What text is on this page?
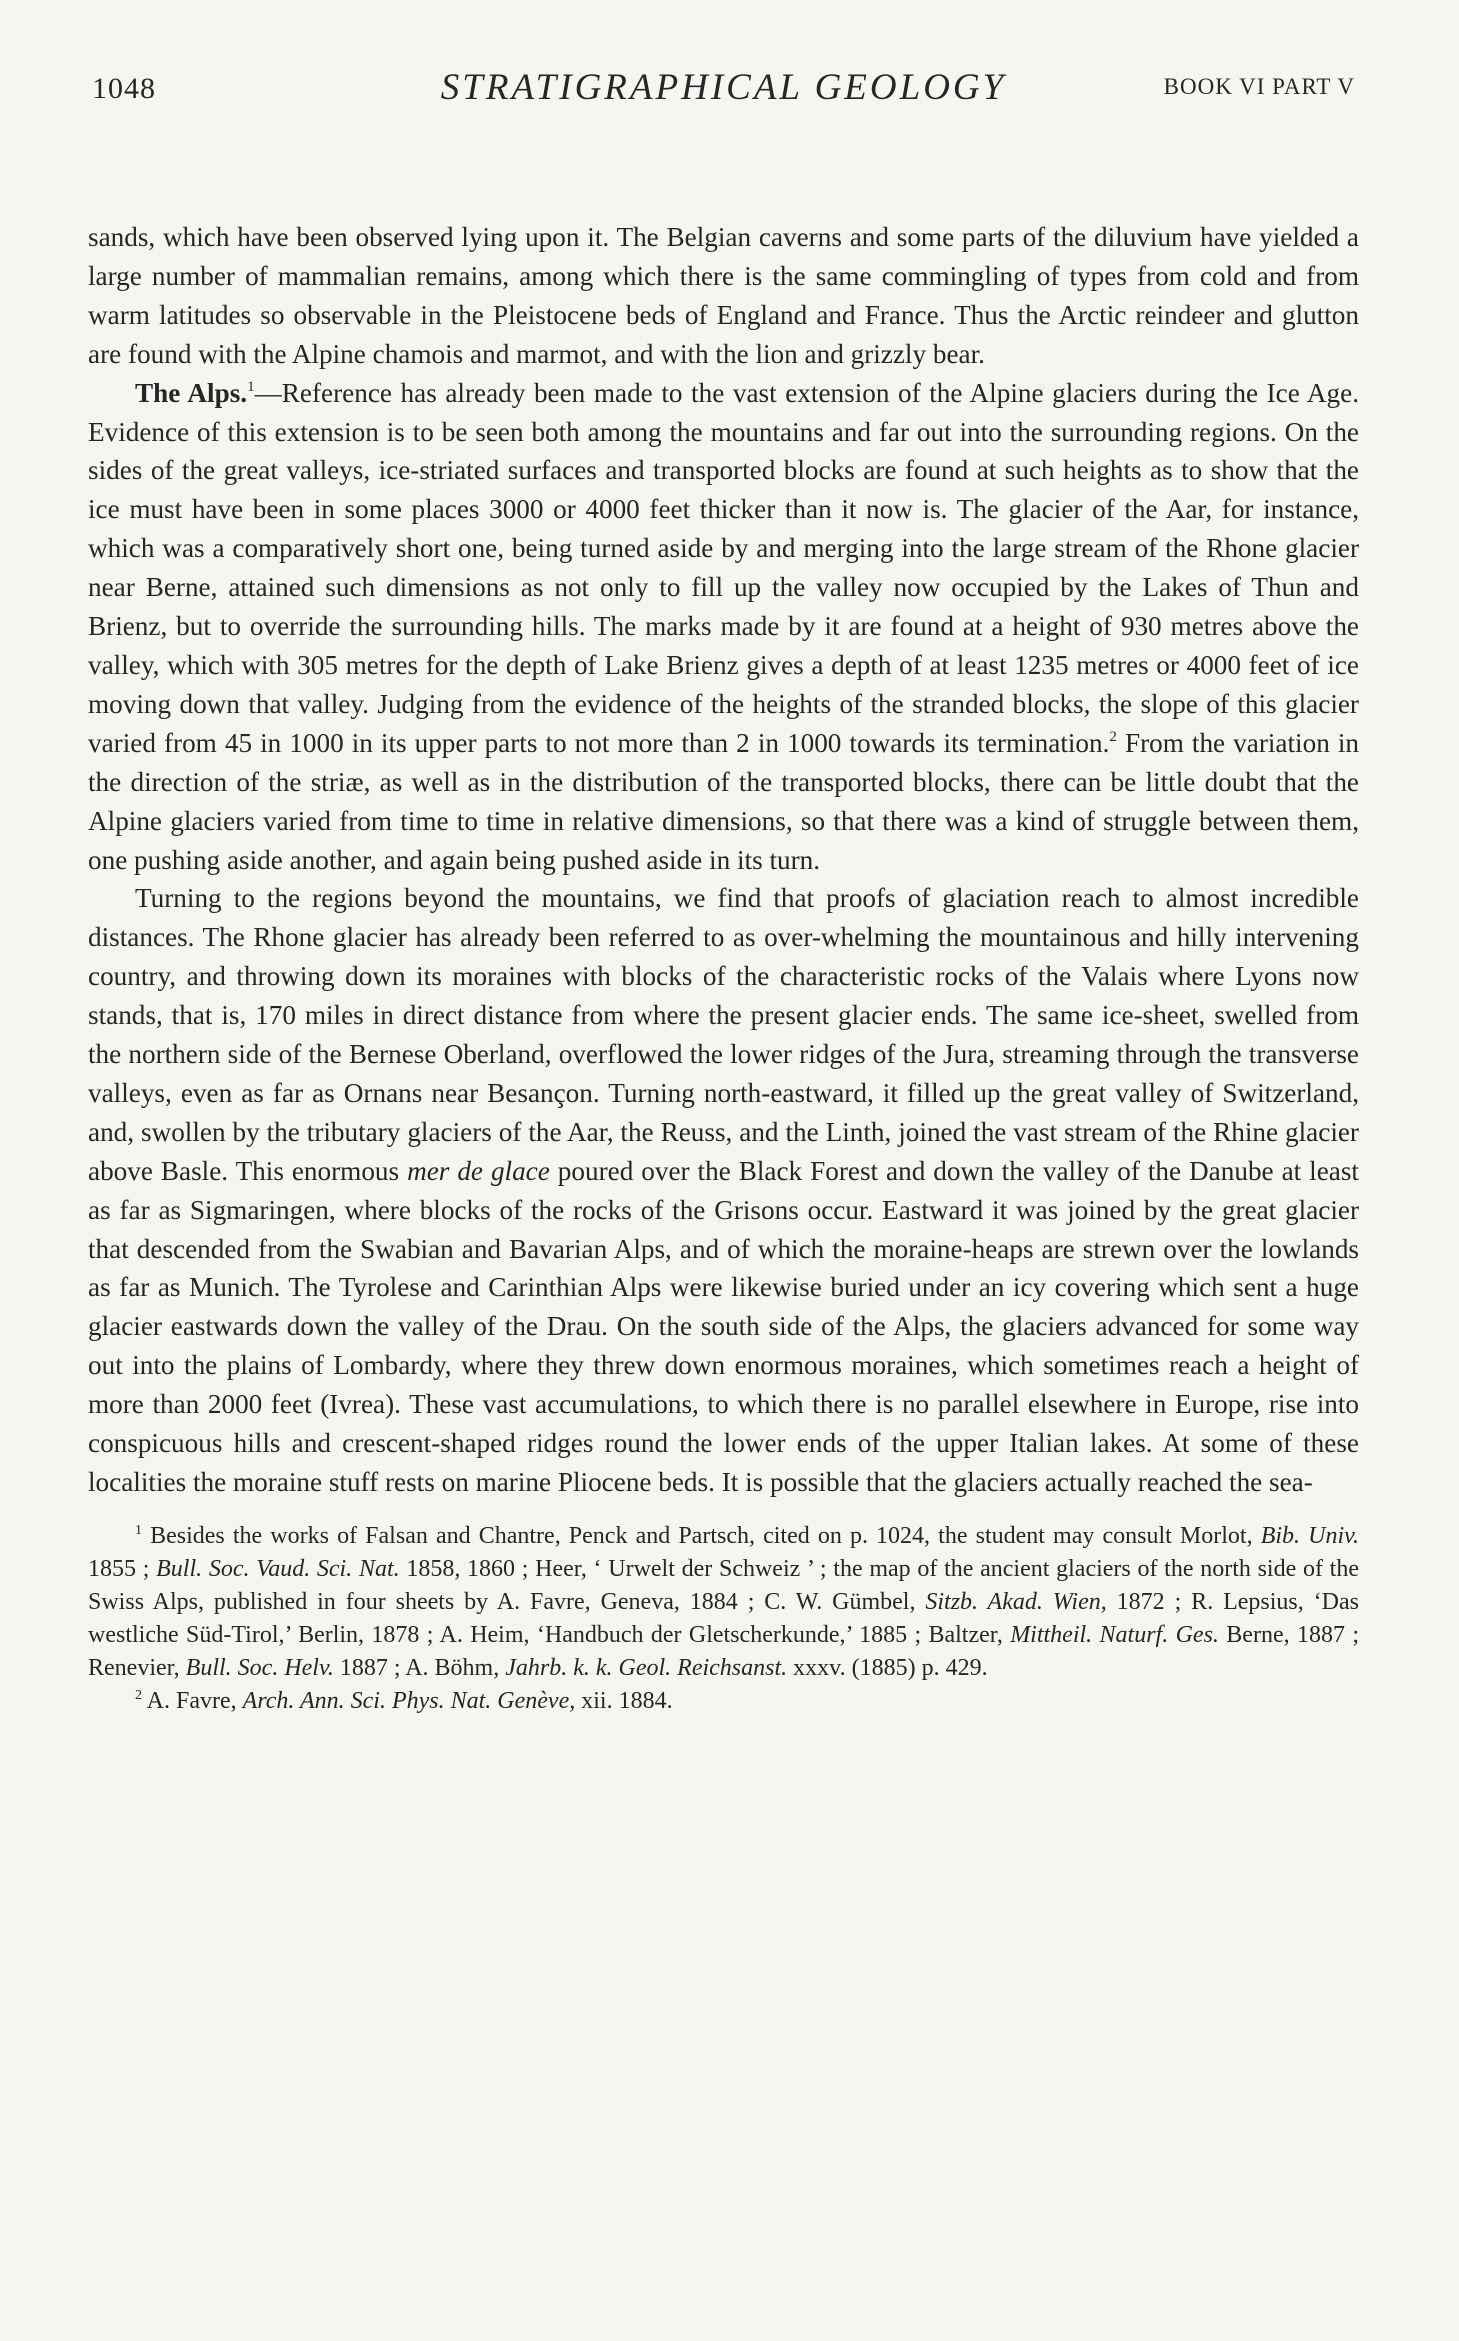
1048	STRATIGRAPHICAL GEOLOGY	BOOK VI PART V

sands, which have been observed lying upon it. The Belgian caverns and some parts of the diluvium have yielded a large number of mammalian remains, among which there is the same commingling of types from cold and from warm latitudes so observable in the Pleistocene beds of England and France. Thus the Arctic reindeer and glutton are found with the Alpine chamois and marmot, and with the lion and grizzly bear.

The Alps.$^1$—Reference has already been made to the vast extension of the Alpine glaciers during the Ice Age. Evidence of this extension is to be seen both among the mountains and far out into the surrounding regions. On the sides of the great valleys, ice-striated surfaces and transported blocks are found at such heights as to show that the ice must have been in some places 3000 or 4000 feet thicker than it now is. The glacier of the Aar, for instance, which was a comparatively short one, being turned aside by and merging into the large stream of the Rhone glacier near Berne, attained such dimensions as not only to fill up the valley now occupied by the Lakes of Thun and Brienz, but to override the surrounding hills. The marks made by it are found at a height of 930 metres above the valley, which with 305 metres for the depth of Lake Brienz gives a depth of at least 1235 metres or 4000 feet of ice moving down that valley. Judging from the evidence of the heights of the stranded blocks, the slope of this glacier varied from 45 in 1000 in its upper parts to not more than 2 in 1000 towards its termination.$^2$ From the variation in the direction of the striæ, as well as in the distribution of the transported blocks, there can be little doubt that the Alpine glaciers varied from time to time in relative dimensions, so that there was a kind of struggle between them, one pushing aside another, and again being pushed aside in its turn.

Turning to the regions beyond the mountains, we find that proofs of glaciation reach to almost incredible distances. The Rhone glacier has already been referred to as over-whelming the mountainous and hilly intervening country, and throwing down its moraines with blocks of the characteristic rocks of the Valais where Lyons now stands, that is, 170 miles in direct distance from where the present glacier ends. The same ice-sheet, swelled from the northern side of the Bernese Oberland, overflowed the lower ridges of the Jura, streaming through the transverse valleys, even as far as Ornans near Besançon. Turning north-eastward, it filled up the great valley of Switzerland, and, swollen by the tributary glaciers of the Aar, the Reuss, and the Linth, joined the vast stream of the Rhine glacier above Basle. This enormous mer de glace poured over the Black Forest and down the valley of the Danube at least as far as Sigmaringen, where blocks of the rocks of the Grisons occur. Eastward it was joined by the great glacier that descended from the Swabian and Bavarian Alps, and of which the moraine-heaps are strewn over the lowlands as far as Munich. The Tyrolese and Carinthian Alps were likewise buried under an icy covering which sent a huge glacier eastwards down the valley of the Drau. On the south side of the Alps, the glaciers advanced for some way out into the plains of Lombardy, where they threw down enormous moraines, which sometimes reach a height of more than 2000 feet (Ivrea). These vast accumulations, to which there is no parallel elsewhere in Europe, rise into conspicuous hills and crescent-shaped ridges round the lower ends of the upper Italian lakes. At some of these localities the moraine stuff rests on marine Pliocene beds. It is possible that the glaciers actually reached the sea-

$^1$ Besides the works of Falsan and Chantre, Penck and Partsch, cited on p. 1024, the student may consult Morlot, Bib. Univ. 1855 ; Bull. Soc. Vaud. Sci. Nat. 1858, 1860 ; Heer, ‘ Urwelt der Schweiz ’ ; the map of the ancient glaciers of the north side of the Swiss Alps, published in four sheets by A. Favre, Geneva, 1884 ; C. W. Gümbel, Sitzb. Akad. Wien, 1872 ; R. Lepsius, ‘Das westliche Süd-Tirol,’ Berlin, 1878 ; A. Heim, ‘Handbuch der Gletscherkunde,’ 1885 ; Baltzer, Mittheil. Naturf. Ges. Berne, 1887 ; Renevier, Bull. Soc. Helv. 1887 ; A. Böhm, Jahrb. k. k. Geol. Reichsanst. xxxv. (1885) p. 429.

$^2$ A. Favre, Arch. Ann. Sci. Phys. Nat. Genève, xii. 1884.
